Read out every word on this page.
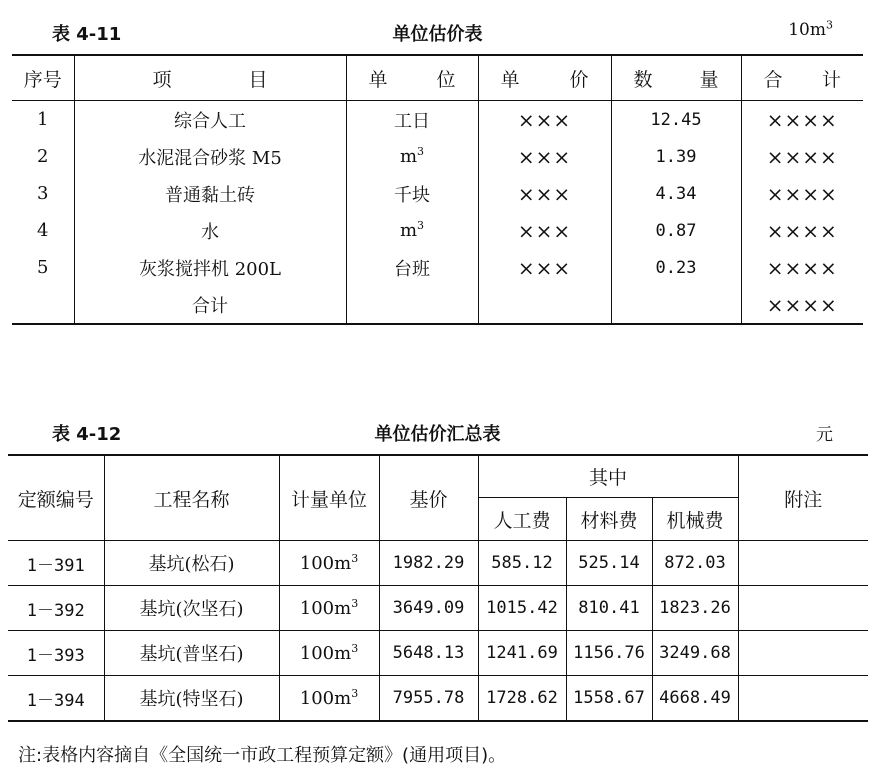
表 4-11	单位估价表	$10m^3$
序号	项 目	单 位	单 价	数 量	合 计

1	综合人工	工日	×××	12.45	××××
2	水泥混合砂浆 M5	$m^3$	×××	1.39	××××
3	普通黏土砖	千块	×××	4.34	××××
4	水	$m^3$	×××	0.87	××××
5	灰浆搅拌机 200L	台班	×××	0.23	××××
	合计				××××
表 4-12	单位估价汇总表	元
定额编号	工程名称	计量单位	基价	其中			附注
				人工费	材料费	机械费	
1－391	基坑(松石)	$100m^3$	1982.29	585.12	525.14	872.03	
1－392	基坑(次坚石)	$100m^3$	3649.09	1015.42	810.41	1823.26	
1－393	基坑(普坚石)	$100m^3$	5648.13	1241.69	1156.76	3249.68	
1－394	基坑(特坚石)	$100m^3$	7955.78	1728.62	1558.67	4668.49	
注:表格内容摘自《全国统一市政工程预算定额》(通用项目)。
